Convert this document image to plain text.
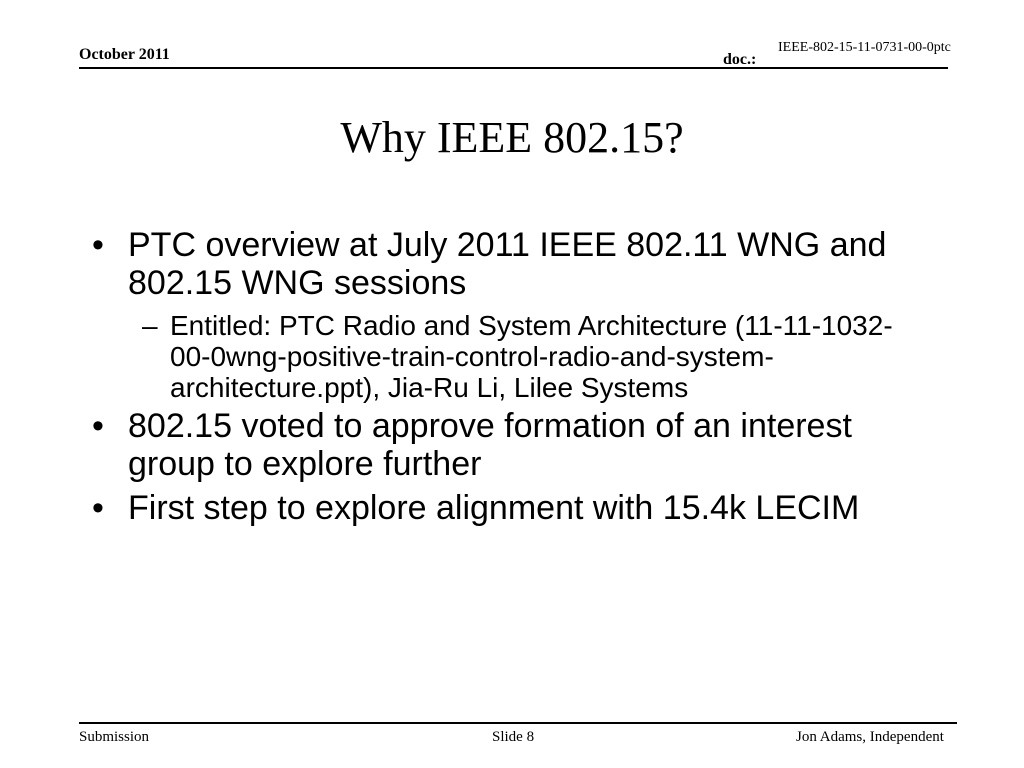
October 2011	doc.:
IEEE-802-15-11-0731-00-0ptc
Why IEEE 802.15?
• PTC overview at July 2011 IEEE 802.11 WNG and 802.15 WNG sessions
– Entitled: PTC Radio and System Architecture (11-11-1032-00-0wng-positive-train-control-radio-and-system-architecture.ppt), Jia-Ru Li, Lilee Systems
• 802.15 voted to approve formation of an interest group to explore further
• First step to explore alignment with 15.4k LECIM
Submission	Slide 8	Jon Adams, Independent
